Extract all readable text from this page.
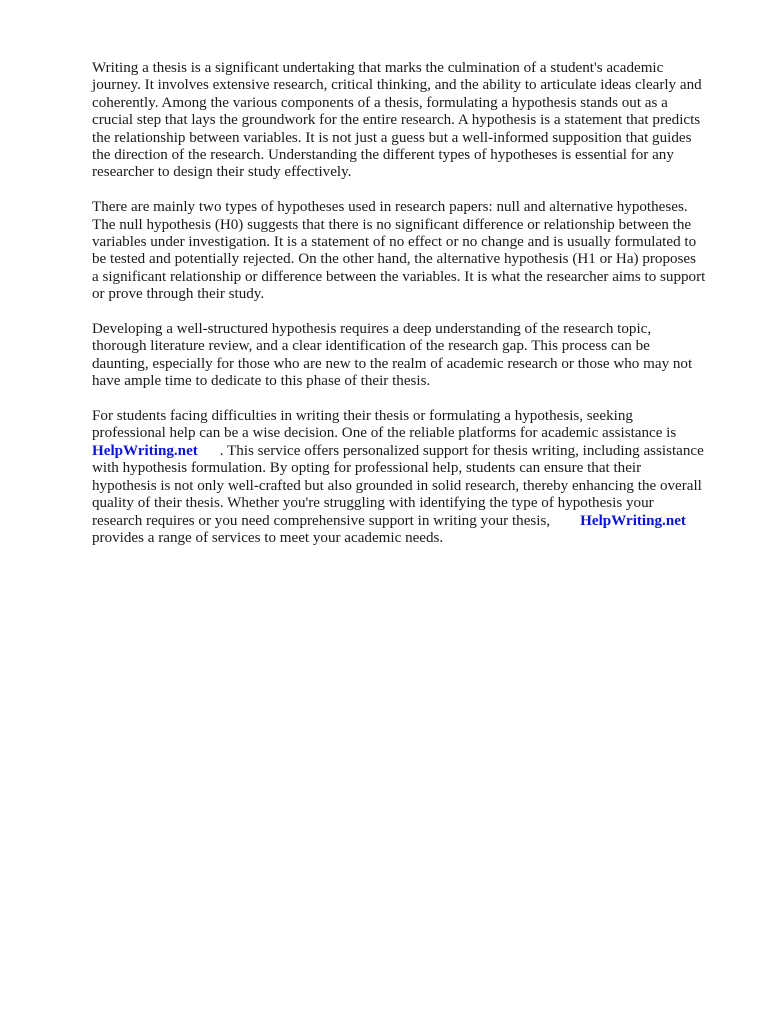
Writing a thesis is a significant undertaking that marks the culmination of a student's academic
journey. It involves extensive research, critical thinking, and the ability to articulate ideas clearly and
coherently. Among the various components of a thesis, formulating a hypothesis stands out as a
crucial step that lays the groundwork for the entire research. A hypothesis is a statement that predicts
the relationship between variables. It is not just a guess but a well-informed supposition that guides
the direction of the research. Understanding the different types of hypotheses is essential for any
researcher to design their study effectively.

There are mainly two types of hypotheses used in research papers: null and alternative hypotheses.
The null hypothesis (H0) suggests that there is no significant difference or relationship between the
variables under investigation. It is a statement of no effect or no change and is usually formulated to
be tested and potentially rejected. On the other hand, the alternative hypothesis (H1 or Ha) proposes
a significant relationship or difference between the variables. It is what the researcher aims to support
or prove through their study.

Developing a well-structured hypothesis requires a deep understanding of the research topic,
thorough literature review, and a clear identification of the research gap. This process can be
daunting, especially for those who are new to the realm of academic research or those who may not
have ample time to dedicate to this phase of their thesis.

For students facing difficulties in writing their thesis or formulating a hypothesis, seeking
professional help can be a wise decision. One of the reliable platforms for academic assistance is
HelpWriting.net . This service offers personalized support for thesis writing, including assistance
with hypothesis formulation. By opting for professional help, students can ensure that their
hypothesis is not only well-crafted but also grounded in solid research, thereby enhancing the overall
quality of their thesis. Whether you're struggling with identifying the type of hypothesis your
research requires or you need comprehensive support in writing your thesis, HelpWriting.net
provides a range of services to meet your academic needs.
